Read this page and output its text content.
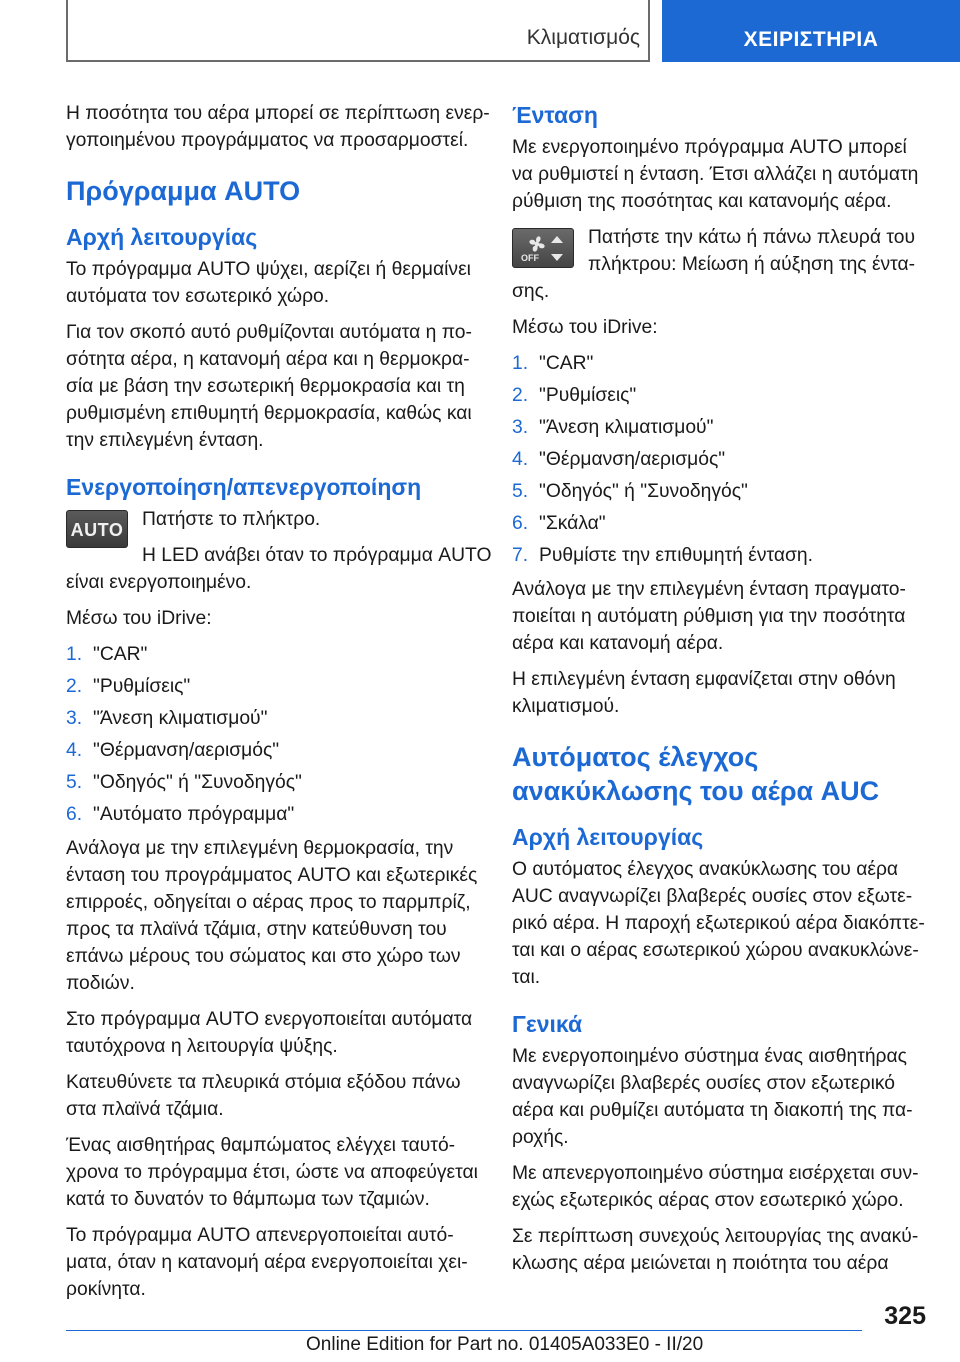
Κλιματισμός	ΧΕΙΡΙΣΤΗΡΙΑ

Η ποσότητα του αέρα μπορεί σε περίπτωση ενερ-γοποιημένου προγράμματος να προσαρμοστεί.

Πρόγραμμα AUTO
Αρχή λειτουργίας

Το πρόγραμμα AUTO ψύχει, αερίζει ή θερμαίνει αυτόματα τον εσωτερικό χώρο.

Για τον σκοπό αυτό ρυθμίζονται αυτόματα η πο-σότητα αέρα, η κατανομή αέρα και η θερμοκρα-σία με βάση την εσωτερική θερμοκρασία και τη ρυθμισμένη επιθυμητή θερμοκρασία, καθώς και την επιλεγμένη ένταση.

Ενεργοποίηση/απενεργοποίηση
AUTO Πατήστε το πλήκτρο.

Η LED ανάβει όταν το πρόγραμμα AUTO είναι ενεργοποιημένο.

Μέσω του iDrive:

1. "CAR"
2. "Ρυθμίσεις"
3. "Άνεση κλιματισμού"
4. "Θέρμανση/αερισμός"
5. "Οδηγός" ή "Συνοδηγός"
6. "Αυτόματο πρόγραμμα"

Ανάλογα με την επιλεγμένη θερμοκρασία, την ένταση του προγράμματος AUTO και εξωτερικές επιρροές, οδηγείται ο αέρας προς το παρμπρίζ, προς τα πλαϊνά τζάμια, στην κατεύθυνση του επάνω μέρους του σώματος και στο χώρο των ποδιών.

Στο πρόγραμμα AUTO ενεργοποιείται αυτόματα ταυτόχρονα η λειτουργία ψύξης.

Κατευθύνετε τα πλευρικά στόμια εξόδου πάνω στα πλαϊνά τζάμια.

Ένας αισθητήρας θαμπώματος ελέγχει ταυτό-χρονα το πρόγραμμα έτσι, ώστε να αποφεύγεται κατά το δυνατόν το θάμπωμα των τζαμιών.

Το πρόγραμμα AUTO απενεργοποιείται αυτό-ματα, όταν η κατανομή αέρα ενεργοποιείται χει-ροκίνητα.

Ένταση

Με ενεργοποιημένο πρόγραμμα AUTO μπορεί να ρυθμιστεί η ένταση. Έτσι αλλάζει η αυτόματη ρύθμιση της ποσότητας και κατανομής αέρα.

OFF

Πατήστε την κάτω ή πάνω πλευρά του πλήκτρου: Μείωση ή αύξηση της έντα-σης.

Μέσω του iDrive:

1. "CAR"
2. "Ρυθμίσεις"
3. "Άνεση κλιματισμού"
4. "Θέρμανση/αερισμός"
5. "Οδηγός" ή "Συνοδηγός"
6. "Σκάλα"
7. Ρυθμίστε την επιθυμητή ένταση.

Ανάλογα με την επιλεγμένη ένταση πραγματο-ποιείται η αυτόματη ρύθμιση για την ποσότητα αέρα και κατανομή αέρα.

Η επιλεγμένη ένταση εμφανίζεται στην οθόνη κλιματισμού.

Αυτόματος έλεγχος ανακύκλωσης του αέρα AUC
Αρχή λειτουργίας

Ο αυτόματος έλεγχος ανακύκλωσης του αέρα AUC αναγνωρίζει βλαβερές ουσίες στον εξωτε-ρικό αέρα. Η παροχή εξωτερικού αέρα διακόπτε-ται και ο αέρας εσωτερικού χώρου ανακυκλώνε-ται.

Γενικά

Με ενεργοποιημένο σύστημα ένας αισθητήρας αναγνωρίζει βλαβερές ουσίες στον εξωτερικό αέρα και ρυθμίζει αυτόματα τη διακοπή της πα-ροχής.

Με απενεργοποιημένο σύστημα εισέρχεται συν-εχώς εξωτερικός αέρας στον εσωτερικό χώρο.

Σε περίπτωση συνεχούς λειτουργίας της ανακύ-κλωσης αέρα μειώνεται η ποιότητα του αέρα

325
Online Edition for Part no. 01405A033E0 - II/20
